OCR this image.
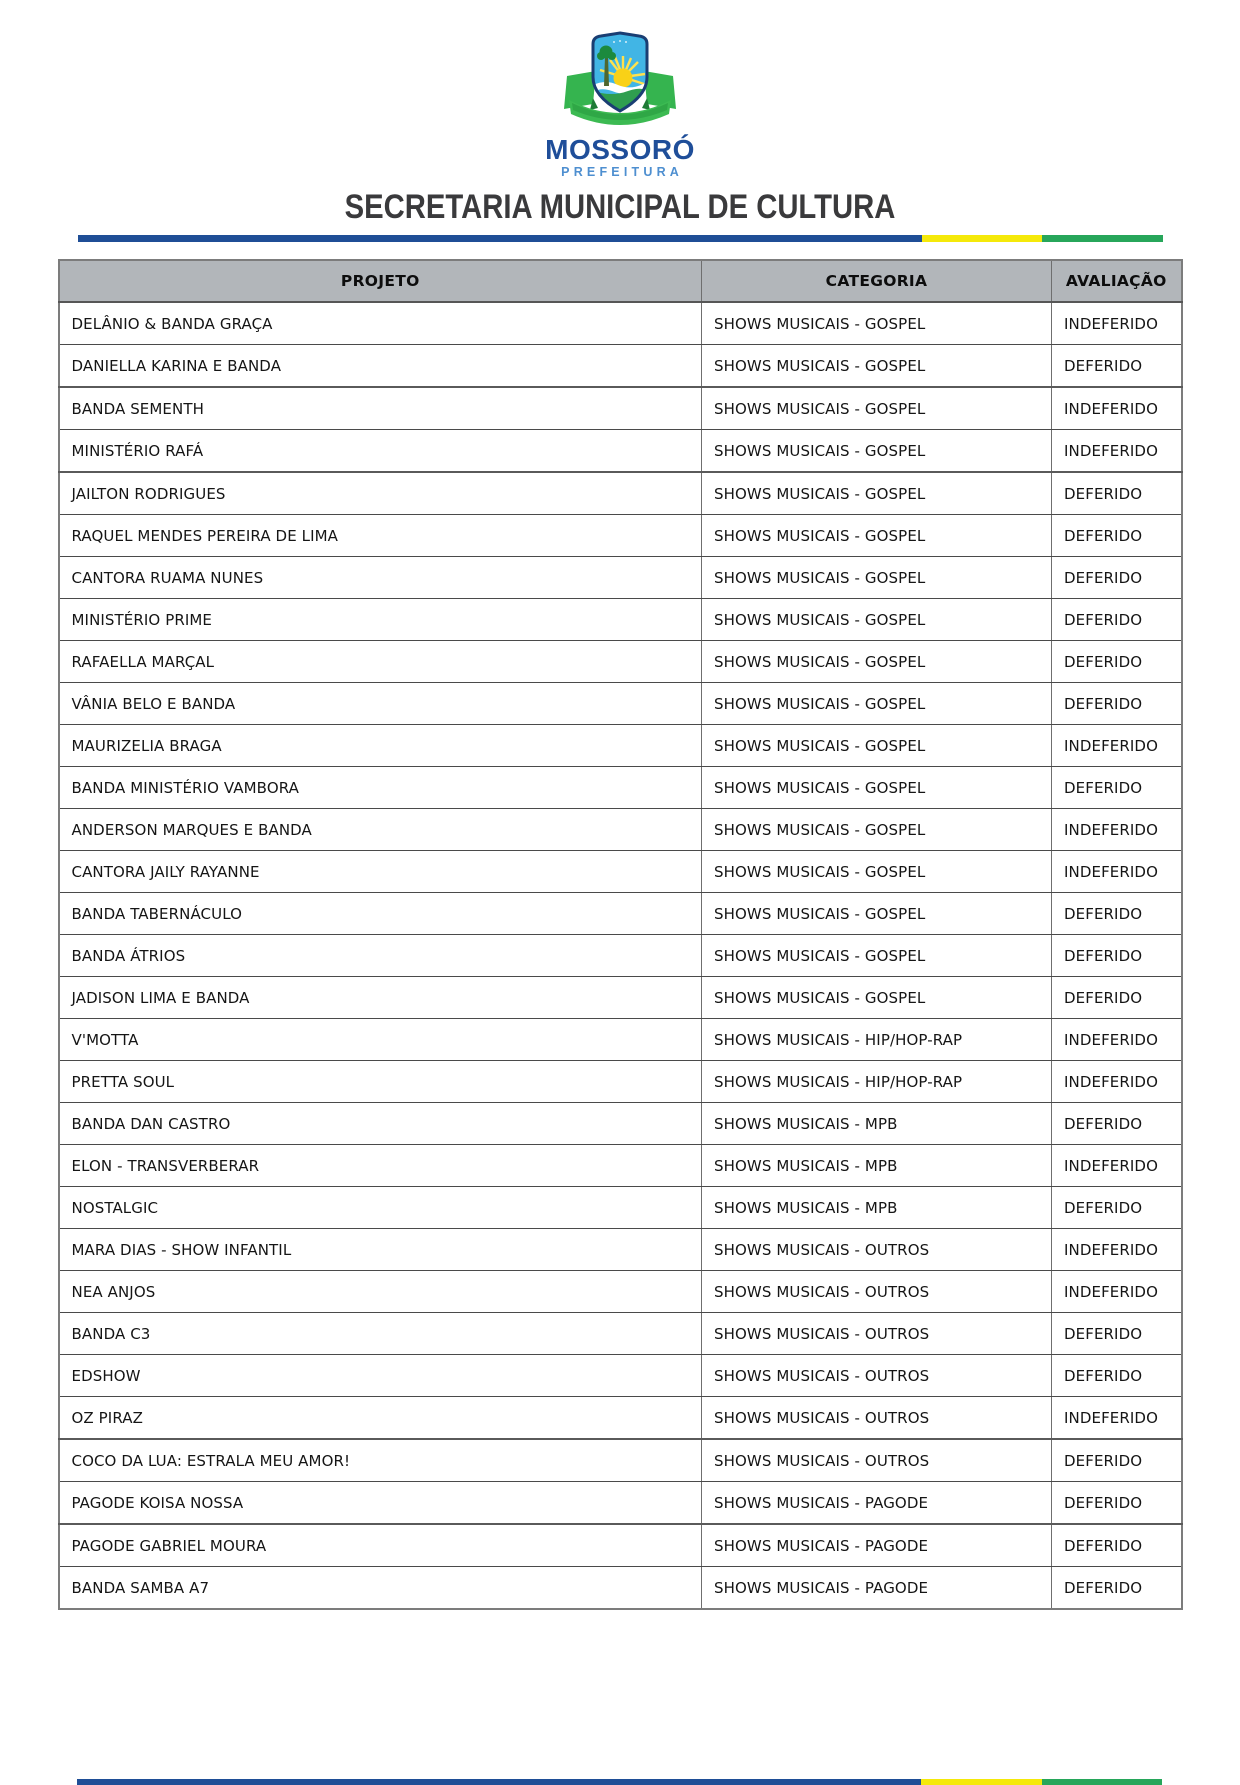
MOSSORÓ
PREFEITURA
SECRETARIA MUNICIPAL DE CULTURA
PROJETO	CATEGORIA	AVALIAÇÃO
DELÂNIO & BANDA GRAÇA	SHOWS MUSICAIS - GOSPEL	INDEFERIDO
DANIELLA KARINA E BANDA	SHOWS MUSICAIS - GOSPEL	DEFERIDO
BANDA SEMENTH	SHOWS MUSICAIS - GOSPEL	INDEFERIDO
MINISTÉRIO RAFÁ	SHOWS MUSICAIS - GOSPEL	INDEFERIDO
JAILTON RODRIGUES	SHOWS MUSICAIS - GOSPEL	DEFERIDO
RAQUEL MENDES PEREIRA DE LIMA	SHOWS MUSICAIS - GOSPEL	DEFERIDO
CANTORA RUAMA NUNES	SHOWS MUSICAIS - GOSPEL	DEFERIDO
MINISTÉRIO PRIME	SHOWS MUSICAIS - GOSPEL	DEFERIDO
RAFAELLA MARÇAL	SHOWS MUSICAIS - GOSPEL	DEFERIDO
VÂNIA BELO E BANDA	SHOWS MUSICAIS - GOSPEL	DEFERIDO
MAURIZELIA BRAGA	SHOWS MUSICAIS - GOSPEL	INDEFERIDO
BANDA MINISTÉRIO VAMBORA	SHOWS MUSICAIS - GOSPEL	DEFERIDO
ANDERSON MARQUES E BANDA	SHOWS MUSICAIS - GOSPEL	INDEFERIDO
CANTORA JAILY RAYANNE	SHOWS MUSICAIS - GOSPEL	INDEFERIDO
BANDA TABERNÁCULO	SHOWS MUSICAIS - GOSPEL	DEFERIDO
BANDA ÁTRIOS	SHOWS MUSICAIS - GOSPEL	DEFERIDO
JADISON LIMA E BANDA	SHOWS MUSICAIS - GOSPEL	DEFERIDO
V'MOTTA	SHOWS MUSICAIS - HIP/HOP-RAP	INDEFERIDO
PRETTA SOUL	SHOWS MUSICAIS - HIP/HOP-RAP	INDEFERIDO
BANDA DAN CASTRO	SHOWS MUSICAIS - MPB	DEFERIDO
ELON - TRANSVERBERAR	SHOWS MUSICAIS - MPB	INDEFERIDO
NOSTALGIC	SHOWS MUSICAIS - MPB	DEFERIDO
MARA DIAS - SHOW INFANTIL	SHOWS MUSICAIS - OUTROS	INDEFERIDO
NEA ANJOS	SHOWS MUSICAIS - OUTROS	INDEFERIDO
BANDA C3	SHOWS MUSICAIS - OUTROS	DEFERIDO
EDSHOW	SHOWS MUSICAIS - OUTROS	DEFERIDO
OZ PIRAZ	SHOWS MUSICAIS - OUTROS	INDEFERIDO
COCO DA LUA: ESTRALA MEU AMOR!	SHOWS MUSICAIS - OUTROS	DEFERIDO
PAGODE KOISA NOSSA	SHOWS MUSICAIS - PAGODE	DEFERIDO
PAGODE GABRIEL MOURA	SHOWS MUSICAIS - PAGODE	DEFERIDO
BANDA SAMBA A7	SHOWS MUSICAIS - PAGODE	DEFERIDO
